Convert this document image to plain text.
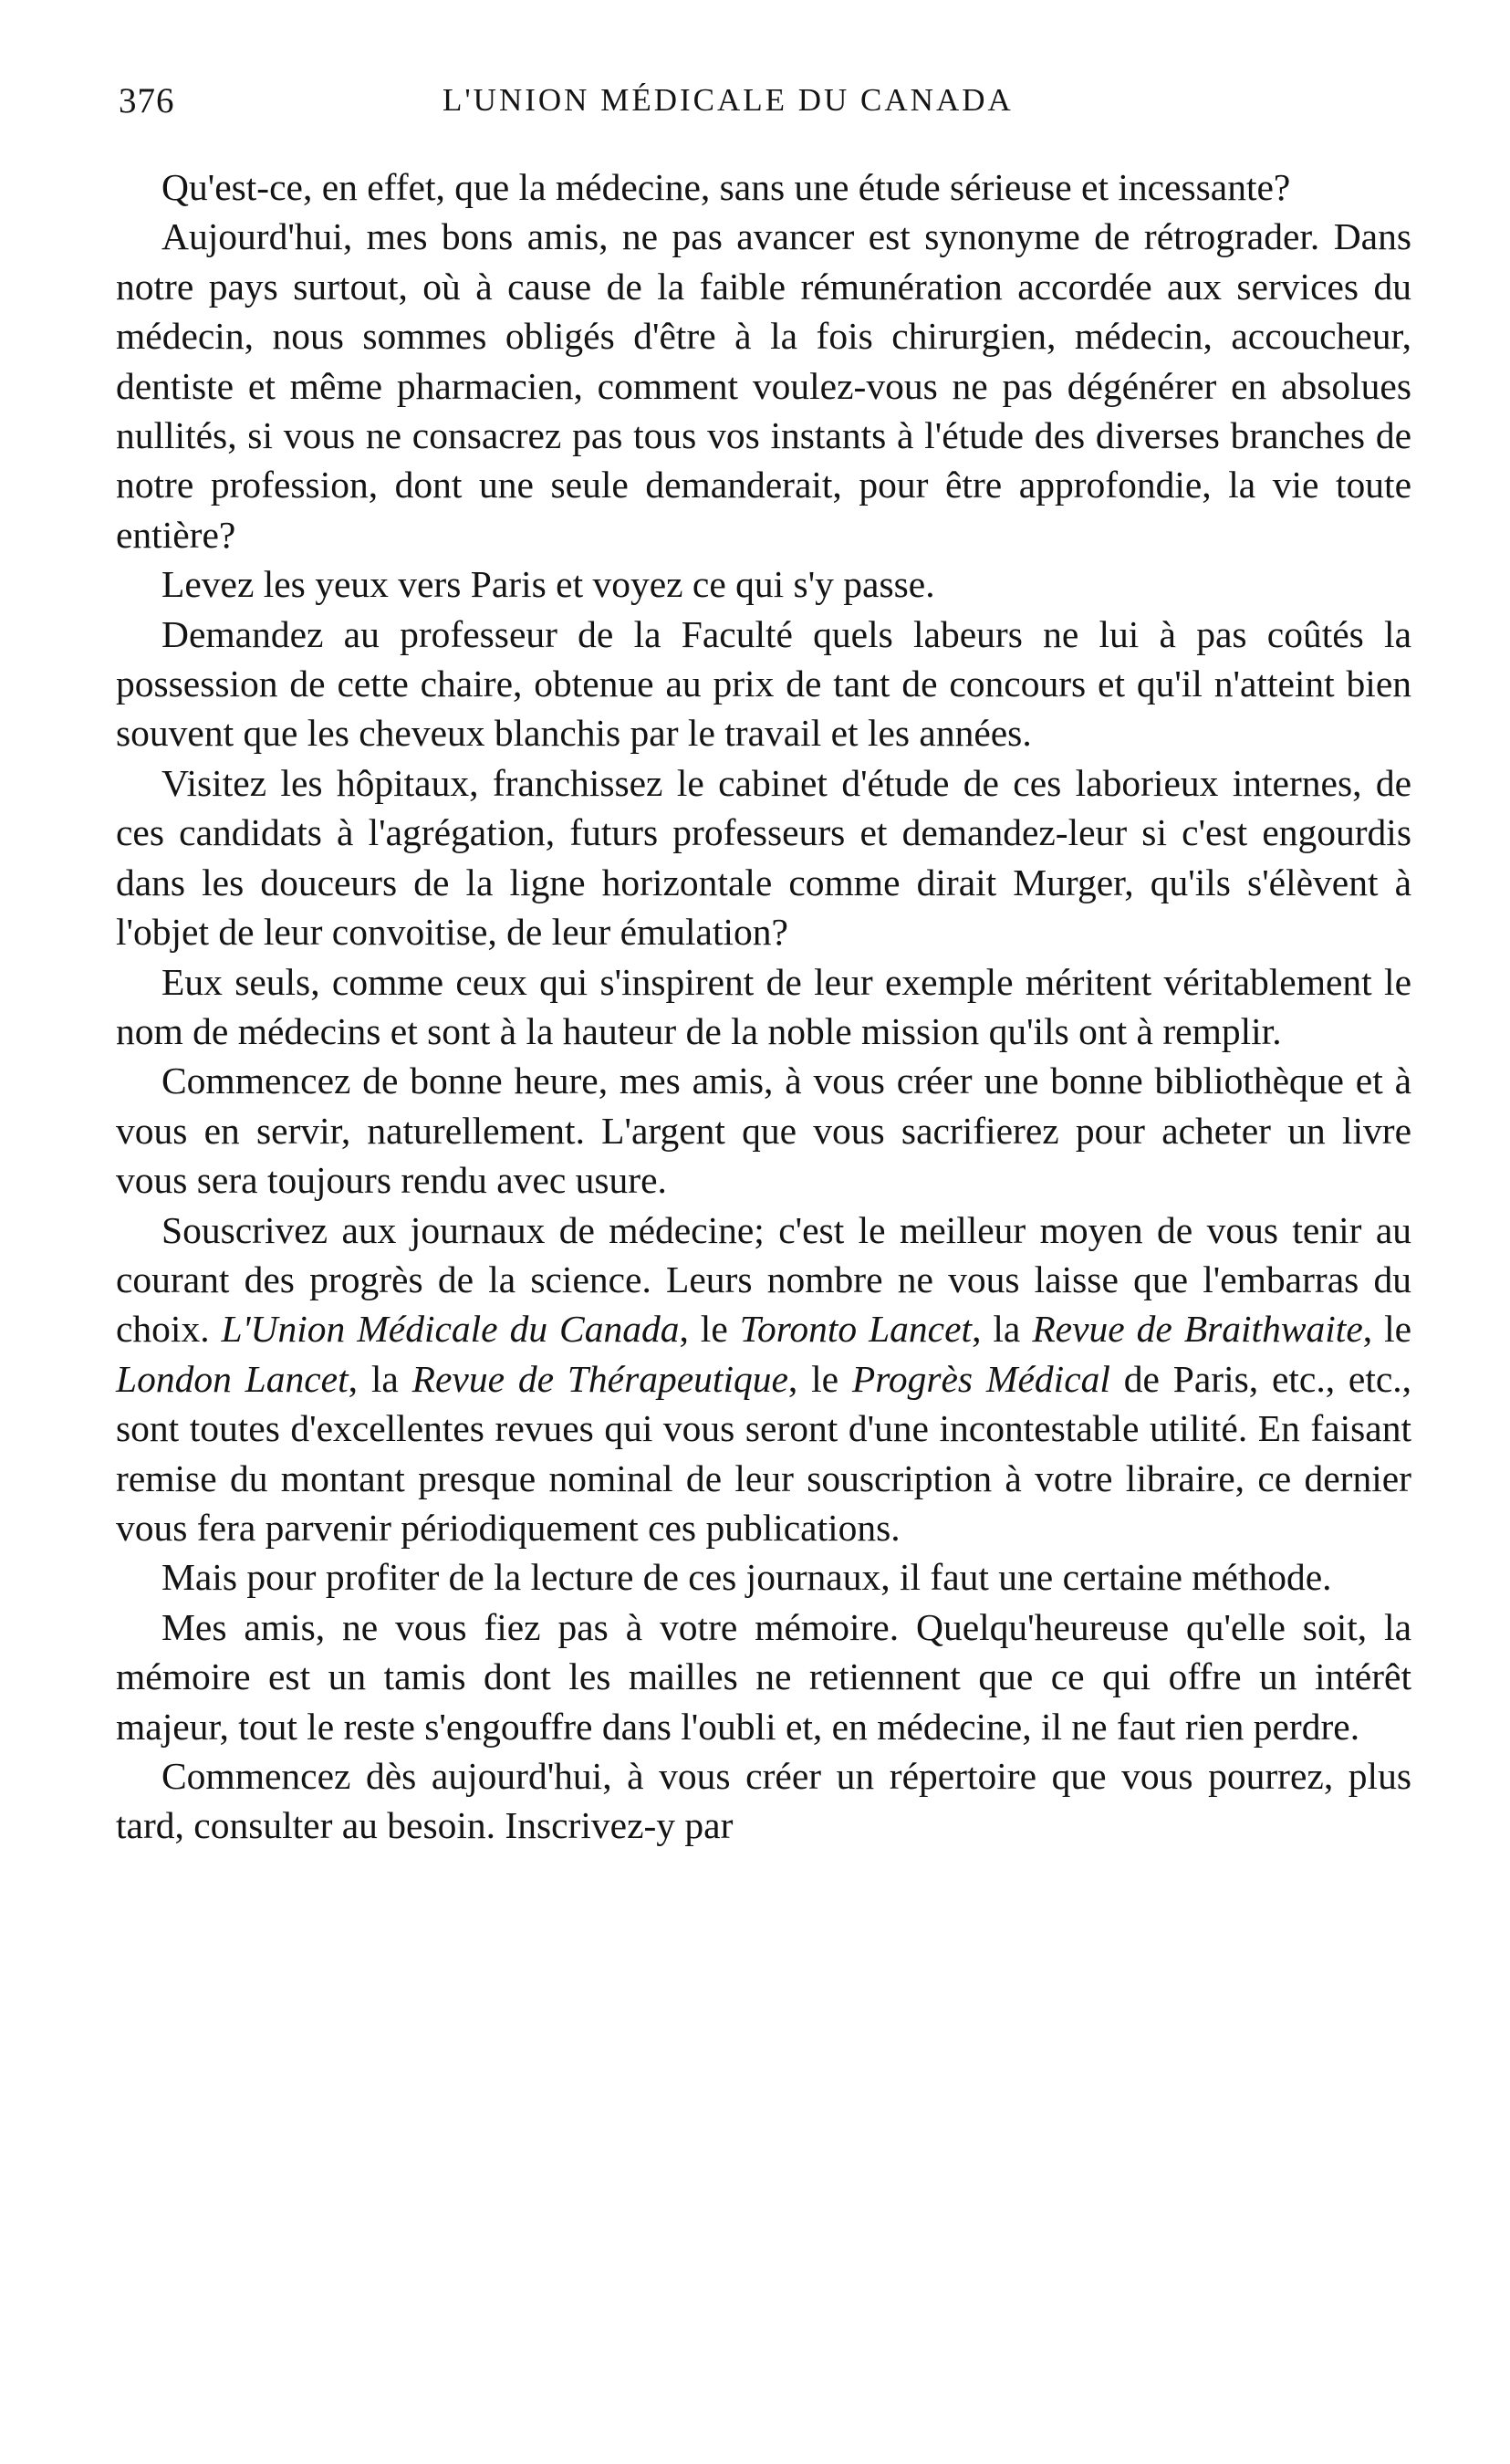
376	L'UNION MÉDICALE DU CANADA

Qu'est-ce, en effet, que la médecine, sans une étude sérieuse et incessante?

Aujourd'hui, mes bons amis, ne pas avancer est synonyme de rétrograder. Dans notre pays surtout, où à cause de la faible rémunération accordée aux services du médecin, nous sommes obligés d'être à la fois chirurgien, médecin, accoucheur, dentiste et même pharmacien, comment voulez-vous ne pas dégénérer en absolues nullités, si vous ne consacrez pas tous vos instants à l'étude des diverses branches de notre profession, dont une seule demanderait, pour être approfondie, la vie toute entière?

Levez les yeux vers Paris et voyez ce qui s'y passe.

Demandez au professeur de la Faculté quels labeurs ne lui à pas coûtés la possession de cette chaire, obtenue au prix de tant de concours et qu'il n'atteint bien souvent que les cheveux blanchis par le travail et les années.

Visitez les hôpitaux, franchissez le cabinet d'étude de ces laborieux internes, de ces candidats à l'agrégation, futurs professeurs et demandez-leur si c'est engourdis dans les douceurs de la ligne horizontale comme dirait Murger, qu'ils s'élèvent à l'objet de leur convoitise, de leur émulation?

Eux seuls, comme ceux qui s'inspirent de leur exemple méritent véritablement le nom de médecins et sont à la hauteur de la noble mission qu'ils ont à remplir.

Commencez de bonne heure, mes amis, à vous créer une bonne bibliothèque et à vous en servir, naturellement. L'argent que vous sacrifierez pour acheter un livre vous sera toujours rendu avec usure.

Souscrivez aux journaux de médecine; c'est le meilleur moyen de vous tenir au courant des progrès de la science. Leurs nombre ne vous laisse que l'embarras du choix. L'Union Médicale du Canada, le Toronto Lancet, la Revue de Braithwaite, le London Lancet, la Revue de Thérapeutique, le Progrès Médical de Paris, etc., etc., sont toutes d'excellentes revues qui vous seront d'une incontestable utilité. En faisant remise du montant presque nominal de leur souscription à votre libraire, ce dernier vous fera parvenir périodiquement ces publications.

Mais pour profiter de la lecture de ces journaux, il faut une certaine méthode.

Mes amis, ne vous fiez pas à votre mémoire. Quelqu'heureuse qu'elle soit, la mémoire est un tamis dont les mailles ne retiennent que ce qui offre un intérêt majeur, tout le reste s'engouffre dans l'oubli et, en médecine, il ne faut rien perdre.

Commencez dès aujourd'hui, à vous créer un répertoire que vous pourrez, plus tard, consulter au besoin. Inscrivez-y par
